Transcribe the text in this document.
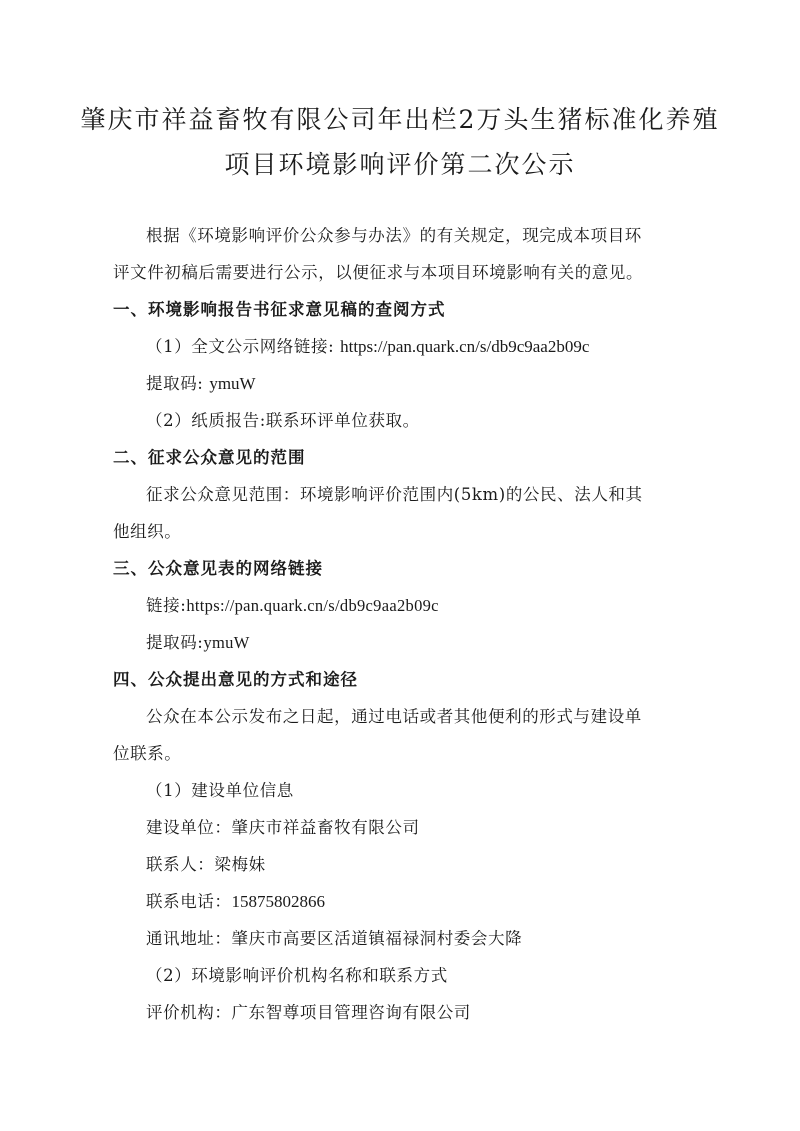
肇庆市祥益畜牧有限公司年出栏2万头生猪标准化养殖
项目环境影响评价第二次公示
根据《环境影响评价公众参与办法》的有关规定，现完成本项目环
评文件初稿后需要进行公示，以便征求与本项目环境影响有关的意见。
一、环境影响报告书征求意见稿的查阅方式
（1）全文公示网络链接: https://pan.quark.cn/s/db9c9aa2b09c
提取码: ymuW
（2）纸质报告:联系环评单位获取。
二、征求公众意见的范围
征求公众意见范围：环境影响评价范围内(5km)的公民、法人和其
他组织。
三、公众意见表的网络链接
链接:https://pan.quark.cn/s/db9c9aa2b09c
提取码:ymuW
四、公众提出意见的方式和途径
公众在本公示发布之日起，通过电话或者其他便利的形式与建设单
位联系。
（1）建设单位信息
建设单位：肇庆市祥益畜牧有限公司
联系人：梁梅妹
联系电话：15875802866
通讯地址：肇庆市高要区活道镇福禄洞村委会大降
（2）环境影响评价机构名称和联系方式
评价机构：广东智尊项目管理咨询有限公司
